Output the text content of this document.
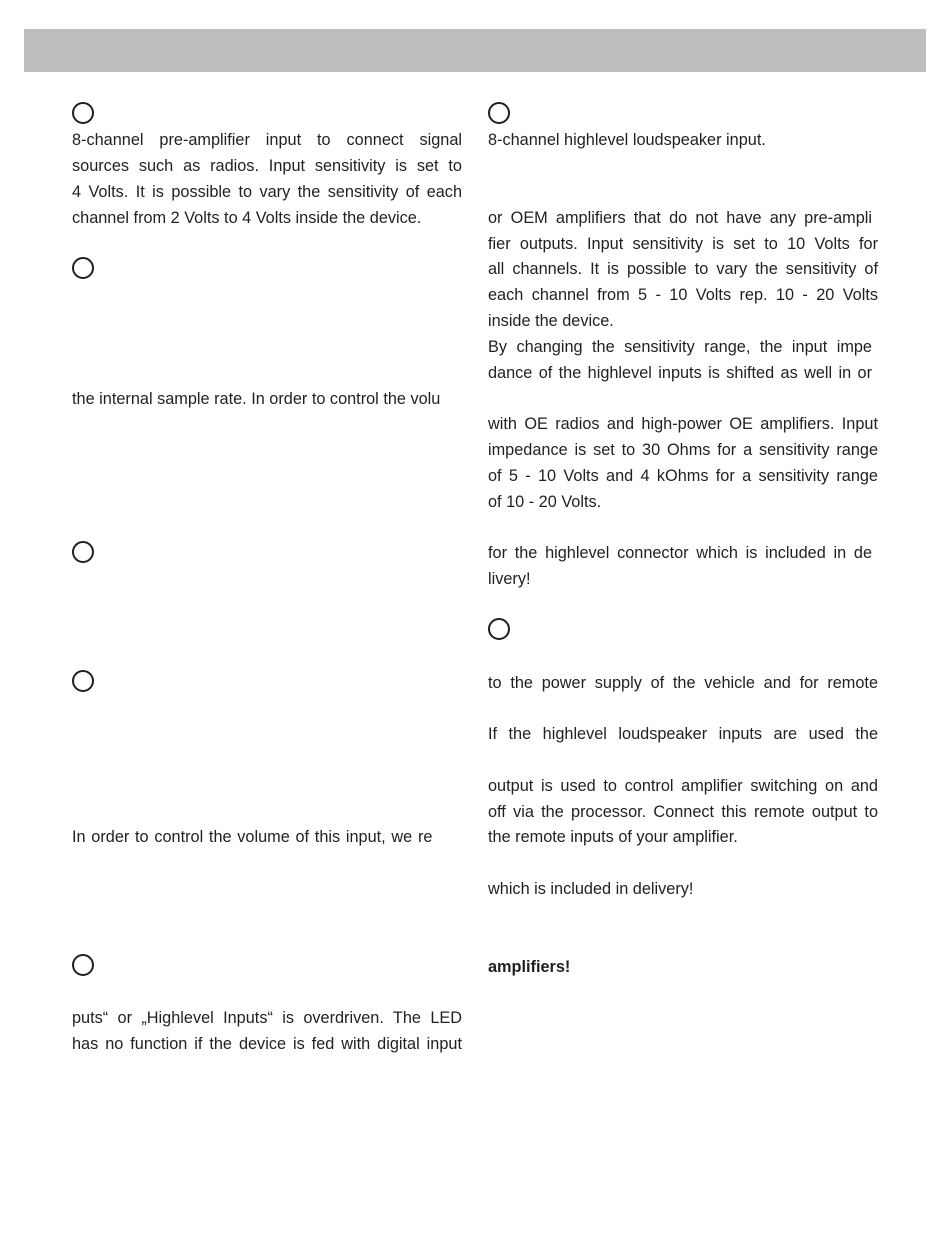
8-channel pre-amplifier input to connect signal
sources such as radios. Input sensitivity is set to
4 Volts. It is possible to vary the sensitivity of each
channel from 2 Volts to 4 Volts inside the device.
the internal sample rate. In order to control the volu
In order to control the volume of this input, we re
puts“ or „Highlevel Inputs“ is overdriven. The LED
has no function if the device is fed with digital input
8-channel highlevel loudspeaker input.
or OEM amplifiers that do not have any pre-ampli
fier outputs. Input sensitivity is set to 10 Volts for
all channels. It is possible to vary the sensitivity of
each channel from 5 - 10 Volts rep. 10 - 20 Volts
inside the device.
By changing the sensitivity range, the input impe
dance of the highlevel inputs is shifted as well in or
with OE radios and high-power OE amplifiers. Input
impedance is set to 30 Ohms for a sensitivity range
of 5 - 10 Volts and 4 kOhms for a sensitivity range
of 10 - 20 Volts.
for the highlevel connector which is included in de
livery!
to the power supply of the vehicle and for remote
If the highlevel loudspeaker inputs are used the
output is used to control amplifier switching on and
off via the processor. Connect this remote output to
the remote inputs of your amplifier.
which is included in delivery!
amplifiers!
